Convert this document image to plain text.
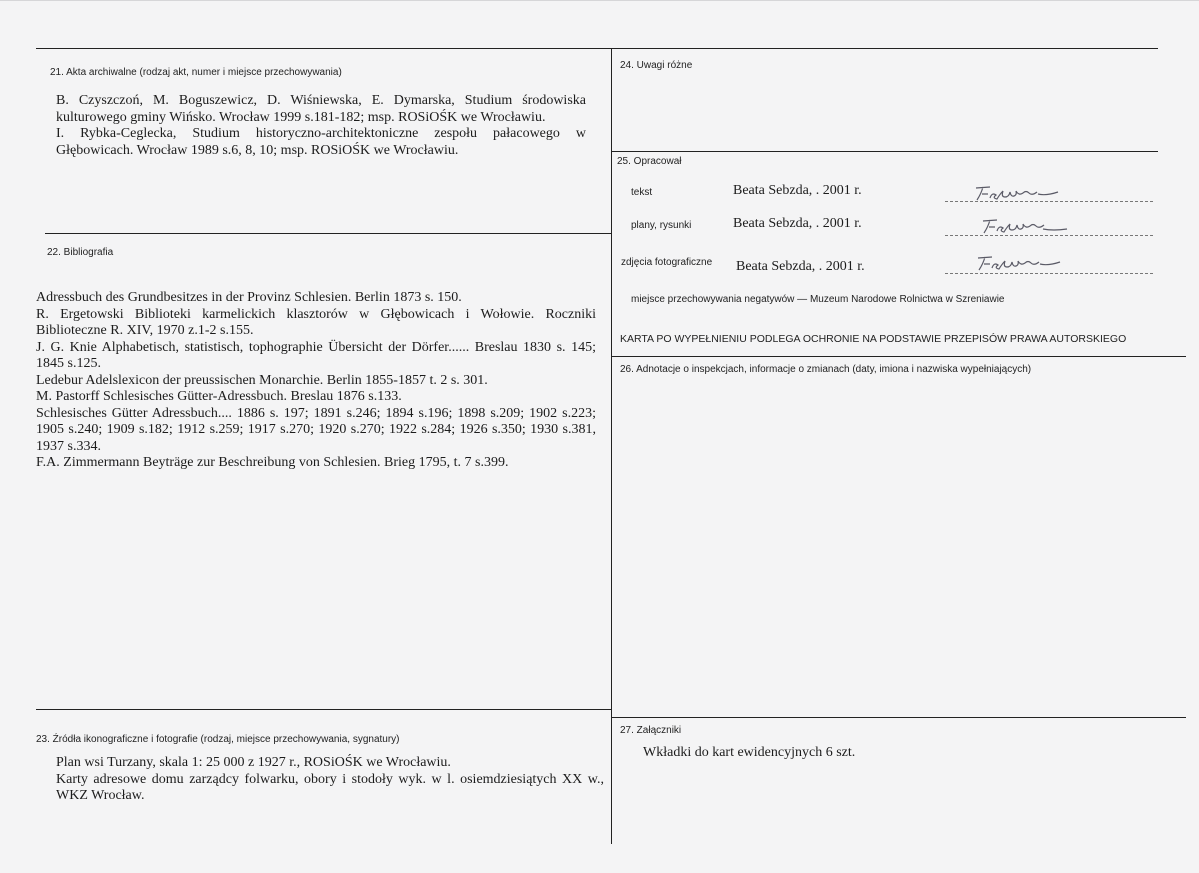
21. Akta archiwalne (rodzaj akt, numer i miejsce przechowywania)

B. Czyszczoń, M. Boguszewicz, D. Wiśniewska, E. Dymarska, Studium środowiska kulturowego gminy Wińsko. Wrocław 1999 s.181-182; msp. ROSiOŚK we Wrocławiu.

I. Rybka-Ceglecka, Studium historyczno-architektoniczne zespołu pałacowego w Głębowicach. Wrocław 1989 s.6, 8, 10; msp. ROSiOŚK we Wrocławiu.

22. Bibliografia

Adressbuch des Grundbesitzes in der Provinz Schlesien. Berlin 1873 s. 150.

R. Ergetowski Biblioteki karmelickich klasztorów w Głębowicach i Wołowie. Roczniki Biblioteczne R. XIV, 1970 z.1-2 s.155.

J. G. Knie Alphabetisch, statistisch, tophographie Übersicht der Dörfer...... Breslau 1830 s. 145; 1845 s.125.

Ledebur Adelslexicon der preussischen Monarchie. Berlin 1855-1857 t. 2 s. 301.

M. Pastorff Schlesisches Gütter-Adressbuch. Breslau 1876 s.133.

Schlesisches Gütter Adressbuch.... 1886 s. 197; 1891 s.246; 1894 s.196; 1898 s.209; 1902 s.223; 1905 s.240; 1909 s.182; 1912 s.259; 1917 s.270; 1920 s.270; 1922 s.284; 1926 s.350; 1930 s.381, 1937 s.334.

F.A. Zimmermann Beyträge zur Beschreibung von Schlesien. Brieg 1795, t. 7 s.399.

23. Źródła ikonograficzne i fotografie (rodzaj, miejsce przechowywania, sygnatury)

Plan wsi Turzany, skala 1: 25 000 z 1927 r., ROSiOŚK we Wrocławiu.

Karty adresowe domu zarządcy folwarku, obory i stodoły wyk. w l. osiemdziesiątych XX w., WKZ Wrocław.

24. Uwagi różne
25. Opracował
tekst	Beata Sebzda, . 2001 r.
plany, rysunki	Beata Sebzda, . 2001 r.
zdjęcia fotograficzne Beata Sebzda, . 2001 r.
miejsce przechowywania negatywów — Muzeum Narodowe Rolnictwa w Szreniawie
KARTA PO WYPEŁNIENIU PODLEGA OCHRONIE NA PODSTAWIE PRZEPISÓW PRAWA AUTORSKIEGO
26. Adnotacje o inspekcjach, informacje o zmianach (daty, imiona i nazwiska wypełniających)
27. Załączniki
Wkładki do kart ewidencyjnych 6 szt.
